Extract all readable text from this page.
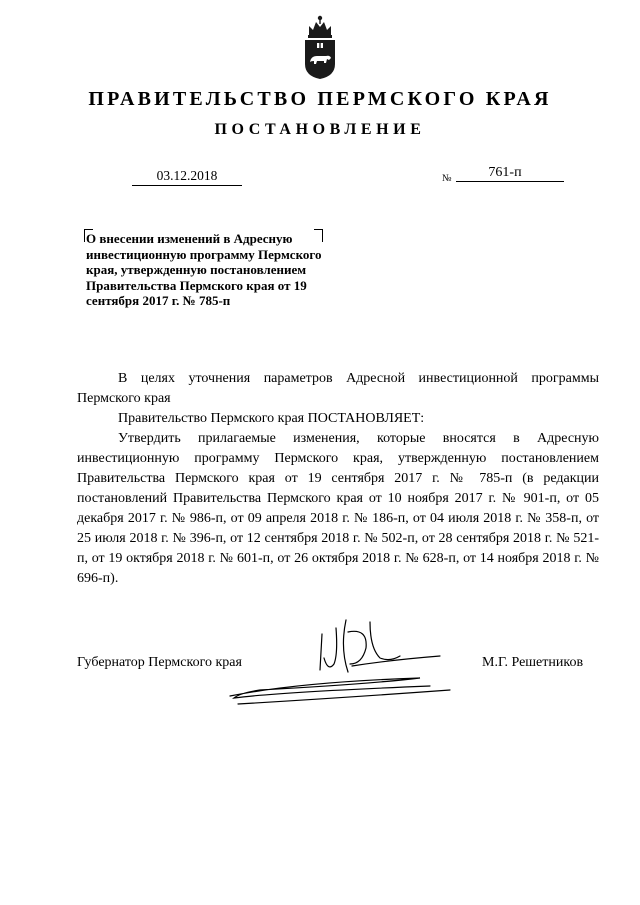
ПРАВИТЕЛЬСТВО ПЕРМСКОГО КРАЯ
ПОСТАНОВЛЕНИЕ
03.12.2018	№	761-п
О внесении изменений в Адресную инвестиционную программу Пермского края, утвержденную постановлением Правительства Пермского края от 19 сентября 2017 г. № 785-п

В целях уточнения параметров Адресной инвестиционной программы Пермского края

Правительство Пермского края ПОСТАНОВЛЯЕТ:

Утвердить прилагаемые изменения, которые вносятся в Адресную инвестиционную программу Пермского края, утвержденную постановлением Правительства Пермского края от 19 сентября 2017 г. № 785-п (в редакции постановлений Правительства Пермского края от 10 ноября 2017 г. № 901-п, от 05 декабря 2017 г. № 986-п, от 09 апреля 2018 г. № 186-п, от 04 июля 2018 г. № 358-п, от 25 июля 2018 г. № 396-п, от 12 сентября 2018 г. № 502-п, от 28 сентября 2018 г. № 521-п, от 19 октября 2018 г. № 601-п, от 26 октября 2018 г. № 628-п, от 14 ноября 2018 г. № 696-п).

Губернатор Пермского края	М.Г. Решетников
